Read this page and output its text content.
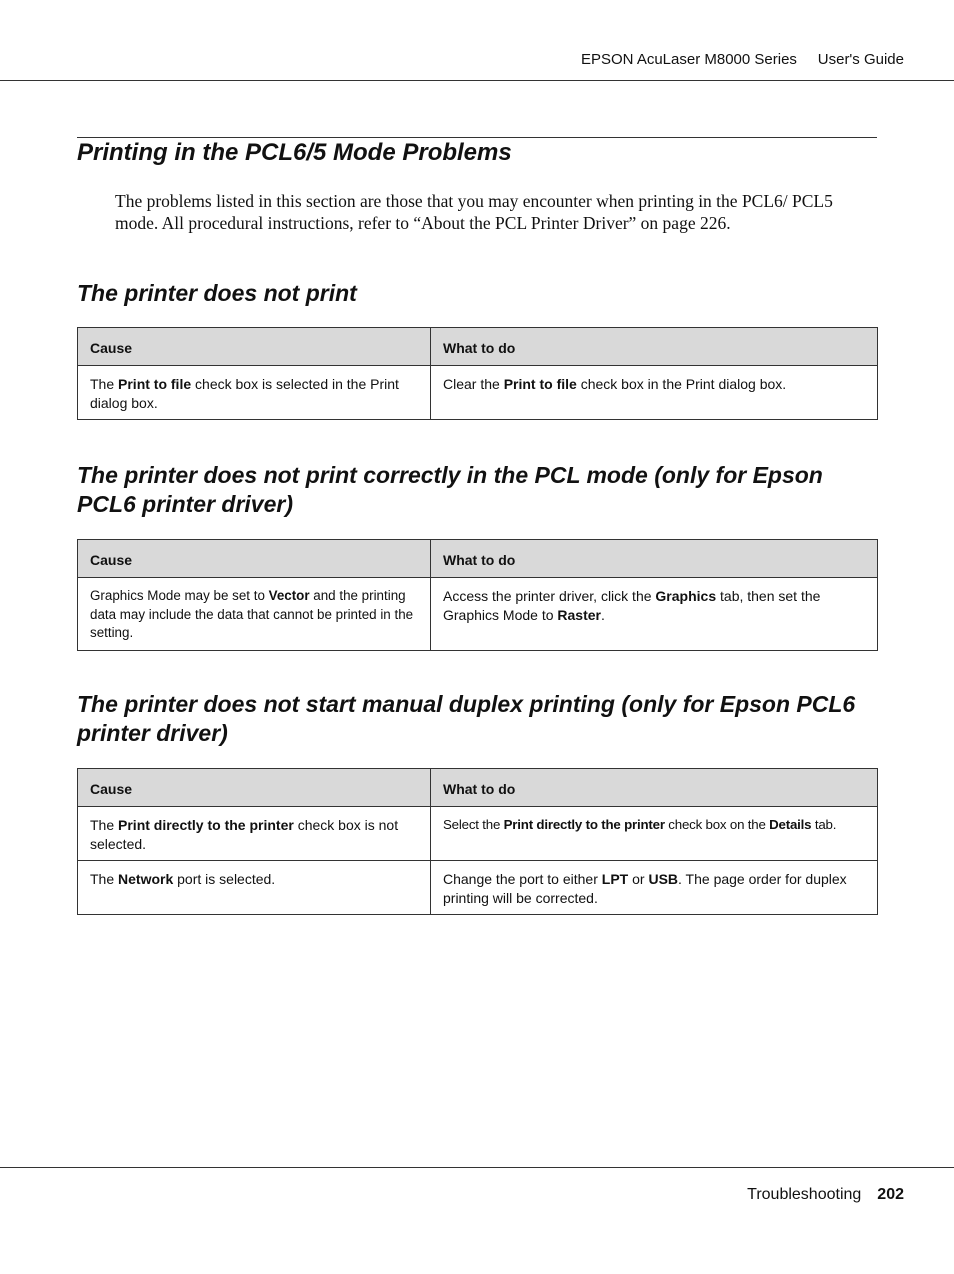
EPSON AcuLaser M8000 Series User's Guide
Printing in the PCL6/5 Mode Problems

The problems listed in this section are those that you may encounter when printing in the PCL6/ PCL5 mode. All procedural instructions, refer to “About the PCL Printer Driver” on page 226.

The printer does not print
Cause	What to do
The Print to file check box is selected in the Print dialog box.	Clear the Print to file check box in the Print dialog box.
The printer does not print correctly in the PCL mode (only for Epson PCL6 printer driver)
Cause	What to do
Graphics Mode may be set to Vector and the printing data may include the data that cannot be printed in the setting.	Access the printer driver, click the Graphics tab, then set the Graphics Mode to Raster.
The printer does not start manual duplex printing (only for Epson PCL6 printer driver)
Cause	What to do
The Print directly to the printer check box is not selected.	Select the Print directly to the printer check box on the Details tab.
The Network port is selected.	Change the port to either LPT or USB. The page order for duplex printing will be corrected.
Troubleshooting 202
